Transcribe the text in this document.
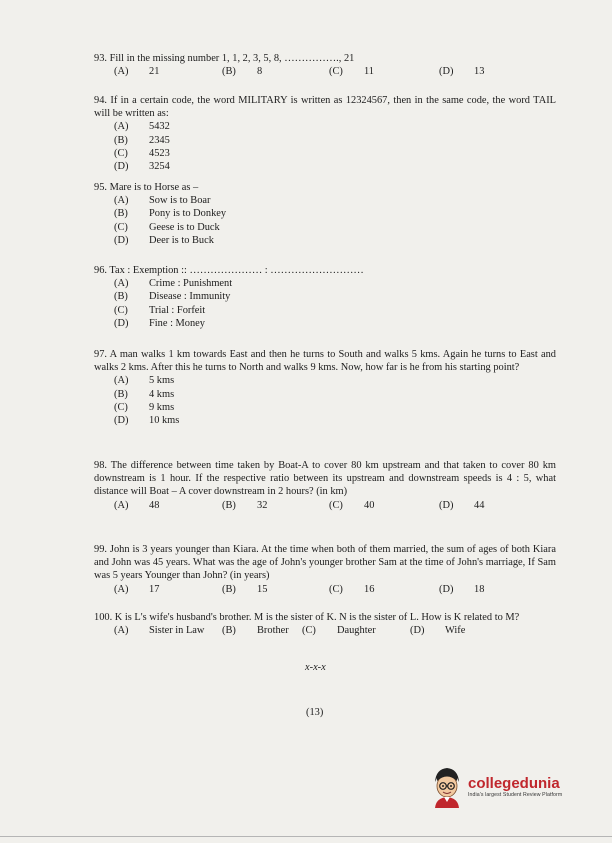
93. Fill in the missing number 1, 1, 2, 3, 5, 8, ……………., 21

(A)	21	(B)	8	(C)	11	(D)	13

94. If in a certain code, the word MILITARY is written as 12324567, then in the same code, the word TAIL will be written as:

(A)	5432
(B)	2345
(C)	4523
(D)	3254

95. Mare is to Horse as –

(A)	Sow is to Boar
(B)	Pony is to Donkey
(C)	Geese is to Duck
(D)	Deer is to Buck

96. Tax : Exemption :: ………………… : ………………………

(A)	Crime : Punishment
(B)	Disease : Immunity
(C)	Trial : Forfeit
(D)	Fine : Money

97. A man walks 1 km towards East and then he turns to South and walks 5 kms. Again he turns to East and walks 2 kms. After this he turns to North and walks 9 kms. Now, how far is he from his starting point?

(A)	5 kms
(B)	4 kms
(C)	9 kms
(D)	10 kms

98. The difference between time taken by Boat-A to cover 80 km upstream and that taken to cover 80 km downstream is 1 hour. If the respective ratio between its upstream and downstream speeds is 4 : 5, what distance will Boat – A cover downstream in 2 hours? (in km)

(A)	48	(B)	32	(C)	40	(D)	44

99. John is 3 years younger than Kiara. At the time when both of them married, the sum of ages of both Kiara and John was 45 years. What was the age of John's younger brother Sam at the time of John's marriage, If Sam was 5 years Younger than John? (in years)

(A)	17	(B)	15	(C)	16	(D)	18

100. K is L's wife's husband's brother. M is the sister of K. N is the sister of L. How is K related to M?

(A)	Sister in Law (B)	Brother (C)	Daughter	(D)	Wife
x-x-x
(13)
collegedunia
India's largest Student Review Platform
